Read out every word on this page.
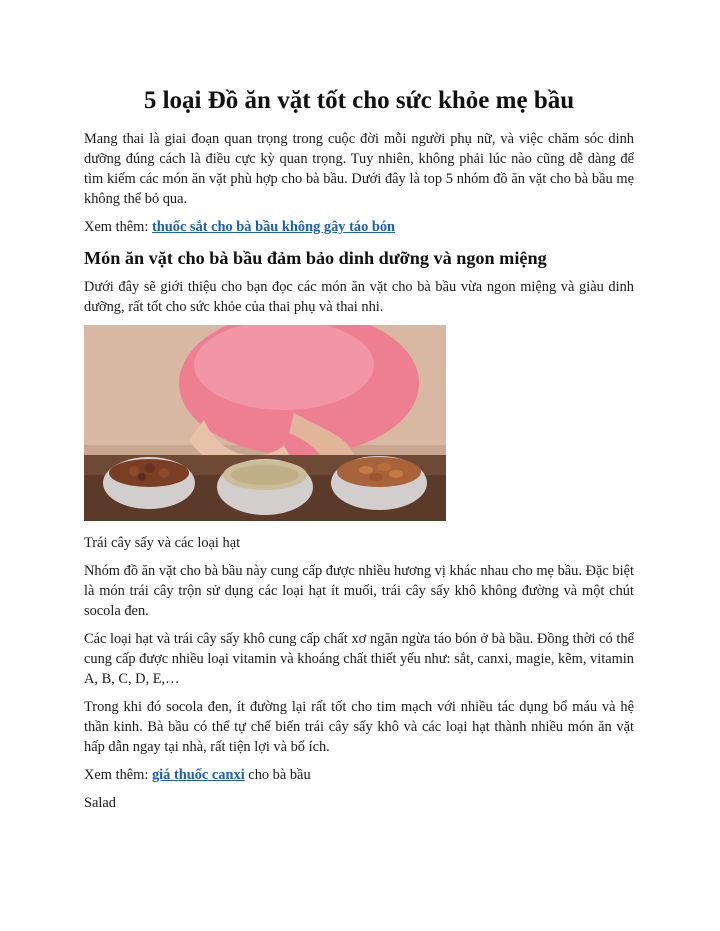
5 loại Đồ ăn vặt tốt cho sức khỏe mẹ bầu

Mang thai là giai đoạn quan trọng trong cuộc đời mỗi người phụ nữ, và việc chăm sóc dinh dưỡng đúng cách là điều cực kỳ quan trọng. Tuy nhiên, không phải lúc nào cũng dễ dàng để tìm kiếm các món ăn vặt phù hợp cho bà bầu. Dưới đây là top 5 nhóm đồ ăn vặt cho bà bầu mẹ không thể bỏ qua.

Xem thêm: thuốc sắt cho bà bầu không gây táo bón

Món ăn vặt cho bà bầu đảm bảo dinh dưỡng và ngon miệng

Dưới đây sẽ giới thiệu cho bạn đọc các món ăn vặt cho bà bầu vừa ngon miệng và giàu dinh dưỡng, rất tốt cho sức khỏe của thai phụ và thai nhi.

Trái cây sấy và các loại hạt

Nhóm đồ ăn vặt cho bà bầu này cung cấp được nhiều hương vị khác nhau cho mẹ bầu. Đặc biệt là món trái cây trộn sử dụng các loại hạt ít muối, trái cây sấy khô không đường và một chút socola đen.

Các loại hạt và trái cây sấy khô cung cấp chất xơ ngăn ngừa táo bón ở bà bầu. Đồng thời có thể cung cấp được nhiều loại vitamin và khoáng chất thiết yếu như: sắt, canxi, magie, kẽm, vitamin A, B, C, D, E,…

Trong khi đó socola đen, ít đường lại rất tốt cho tim mạch với nhiều tác dụng bổ máu và hệ thần kinh. Bà bầu có thể tự chế biến trái cây sấy khô và các loại hạt thành nhiều món ăn vặt hấp dẫn ngay tại nhà, rất tiện lợi và bổ ích.

Xem thêm: giá thuốc canxi cho bà bầu

Salad
